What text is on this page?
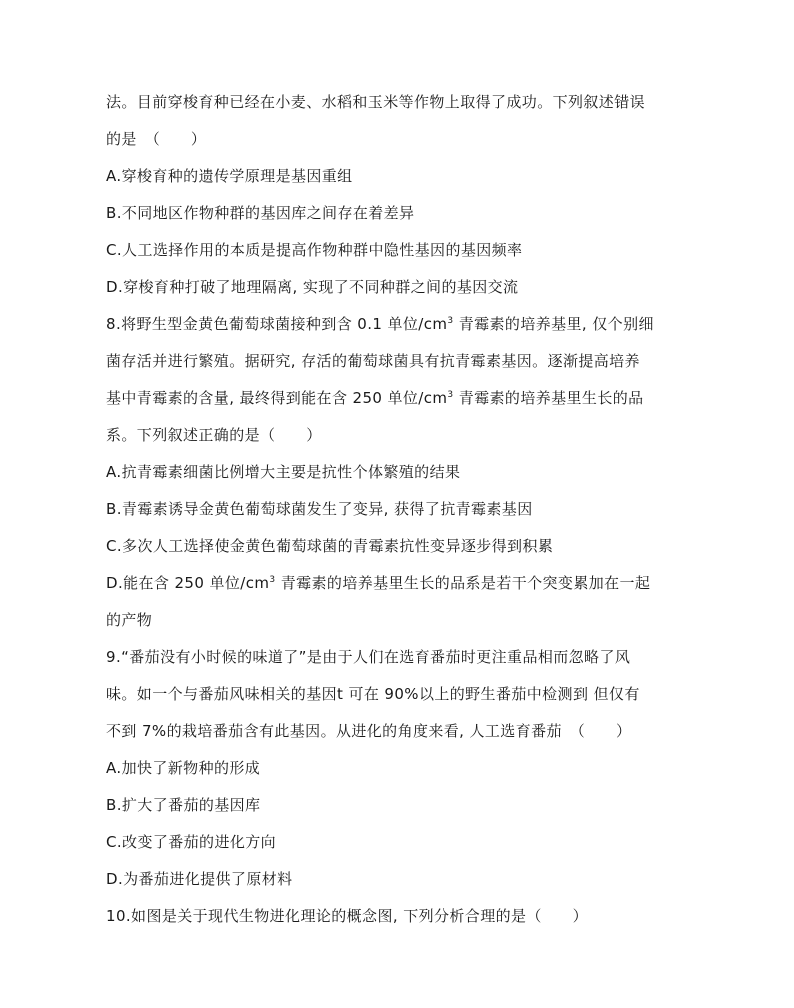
法。目前穿梭育种已经在小麦、水稻和玉米等作物上取得了成功。下列叙述错误
的是　（　　）
A.穿梭育种的遗传学原理是基因重组
B.不同地区作物种群的基因库之间存在着差异
C.人工选择作用的本质是提高作物种群中隐性基因的基因频率
D.穿梭育种打破了地理隔离, 实现了不同种群之间的基因交流
8.将野生型金黄色葡萄球菌接种到含 0.1 单位$/cm^3$ 青霉素的培养基里, 仅个别细
菌存活并进行繁殖。据研究, 存活的葡萄球菌具有抗青霉素基因。逐渐提高培养
基中青霉素的含量, 最终得到能在含 250 单位$/cm^3$ 青霉素的培养基里生长的品
系。下列叙述正确的是（　　）
A.抗青霉素细菌比例增大主要是抗性个体繁殖的结果
B.青霉素诱导金黄色葡萄球菌发生了变异, 获得了抗青霉素基因
C.多次人工选择使金黄色葡萄球菌的青霉素抗性变异逐步得到积累
D.能在含 250 单位$/cm^3$ 青霉素的培养基里生长的品系是若干个突变累加在一起
的产物
9.“番茄没有小时候的味道了”是由于人们在选育番茄时更注重品相而忽略了风
味。如一个与番茄风味相关的基因t 可在 90%以上的野生番茄中检测到 但仅有
不到 7%的栽培番茄含有此基因。从进化的角度来看, 人工选育番茄　（　　）
A.加快了新物种的形成
B.扩大了番茄的基因库
C.改变了番茄的进化方向
D.为番茄进化提供了原材料
10.如图是关于现代生物进化理论的概念图, 下列分析合理的是（　　）
